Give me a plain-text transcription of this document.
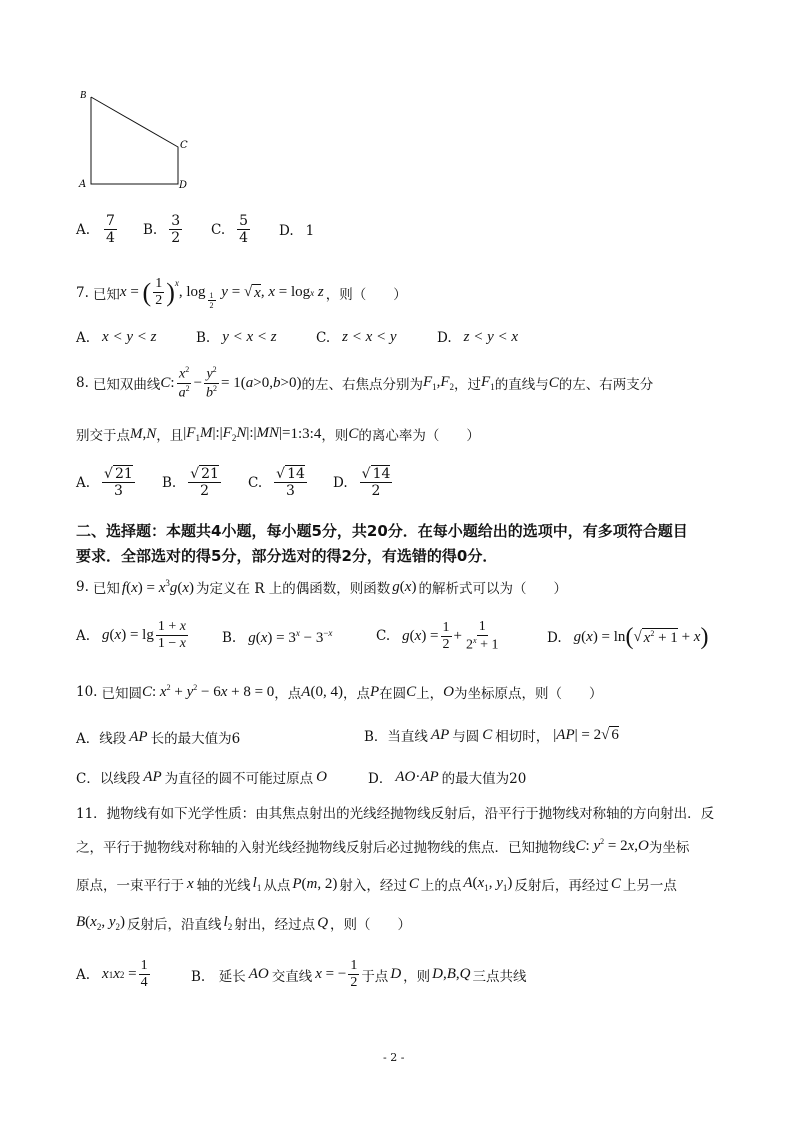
B
A
C
D
A. $\frac{7}{4} B$. $\frac{3}{2} C$. $\frac{5}{4} D$. 1
7. 已知 x =
( $\frac{1}{2} )^x$
, $\log \frac{1}{2}$ y =
√ x , x =
log x z ，则（　　）
A. x < y < z	B. y < x < z	C. z < x < y	D. z < y < x
8. 已知双曲线 C : $\frac{x^2}{a^2} - \frac{y^2}{b^2} = 1$( a >0, b >0) 的左、右焦点分别为 $F_1,F_2$ ，过 $F_1$ 的直线与 C 的左、右两支分
别交于点 M,N ，且 $|F_1M|:|F_2N|:|MN|=$ 1:3:4 ，则 C 的离心率为（　　）
A. $\frac{√ 21}{3} B$. $\frac{√ 21}{2} C$. $\frac{√ 14}{3} D$. $\frac{√ 14}{2}$
二、选择题：本题共4小题，每小题5分，共20分．在每小题给出的选项中，有多项符合题目
要求．全部选对的得5分，部分选对的得2分，有选错的得0分．
9. 已知 $f(x) = x^3g(x)$ 为定义在 R 上的偶函数，则函数 g(x) 的解析式可以为（　　）
A. g ( x ) = $\lg \frac{1 + x}{1 - x}$	B. $g(x) = 3^x - 3^{-x}$	C. g ( x ) = $\frac{1}{2} + \frac{1}{2^x + 1}$	D. g ( x ) = ln ( √ $x^2 + 1 + x$ )
10. 已知圆 C: $x^2 + y^2 - 6x + 8 = 0$ ，点 A(0, 4) ，点 P 在圆 C 上， O 为坐标原点，则（　　）
A．线段 AP 长的最大值为6	B．当直线 AP 与圆 C 相切时， |AP| = 2√ 6
C．以线段 AP 为直径的圆不可能过原点 O	D． AO·AP 的最大值为20
11．抛物线有如下光学性质：由其焦点射出的光线经抛物线反射后，沿平行于抛物线对称轴的方向射出．反
之，平行于抛物线对称轴的入射光线经抛物线反射后必过抛物线的焦点．已知抛物线 C: $y^2 = 2x,O$ 为坐标
原点，一束平行于 x 轴的光线 $l_1$ 从点 P(m, 2) 射入，经过 C 上的点 $A(x_1$, $y_1$) 反射后，再经过 C 上另一点
$B(x_2$, $y_2$) 反射后，沿直线 $l_2$ 射出，经过点 Q ，则（　　）
A. x 1 x $2 = \frac{1}{4}$	B.　延长 AO 交直线 x = − $\frac{1}{2}$ 于点 D ，则 D,B,Q 三点共线
- 2 -
